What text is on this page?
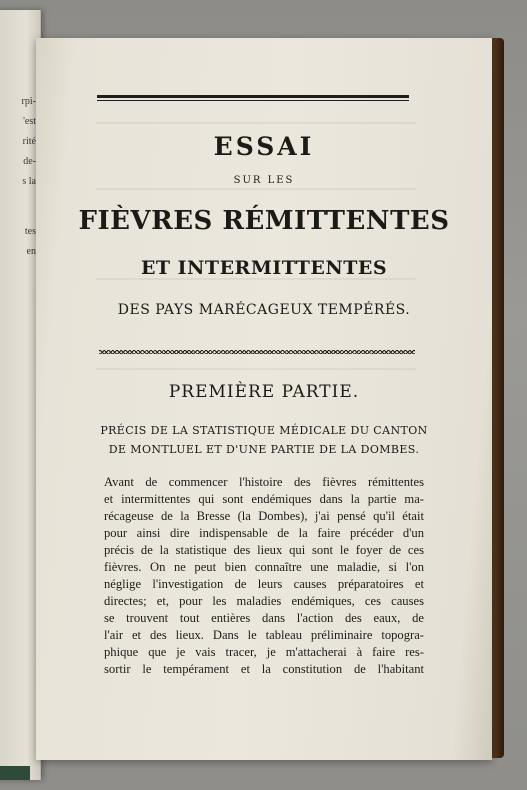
rpi-
'est
rité
de-
s la
tes
en
ESSAI
SUR LES
FIÈVRES RÉMITTENTES
ET INTERMITTENTES
DES PAYS MARÉCAGEUX TEMPÉRÉS.
PREMIÈRE PARTIE.
PRÉCIS DE LA STATISTIQUE MÉDICALE DU CANTON
DE MONTLUEL ET D'UNE PARTIE DE LA DOMBES.
Avant de commencer l'histoire des fièvres rémittentes
et intermittentes qui sont endémiques dans la partie ma-
récageuse de la Bresse (la Dombes), j'ai pensé qu'il était
pour ainsi dire indispensable de la faire précéder d'un
précis de la statistique des lieux qui sont le foyer de ces
fièvres. On ne peut bien connaître une maladie, si l'on
néglige l'investigation de leurs causes préparatoires et
directes; et, pour les maladies endémiques, ces causes
se trouvent tout entières dans l'action des eaux, de
l'air et des lieux. Dans le tableau préliminaire topogra-
phique que je vais tracer, je m'attacherai à faire res-
sortir le tempérament et la constitution de l'habitant
